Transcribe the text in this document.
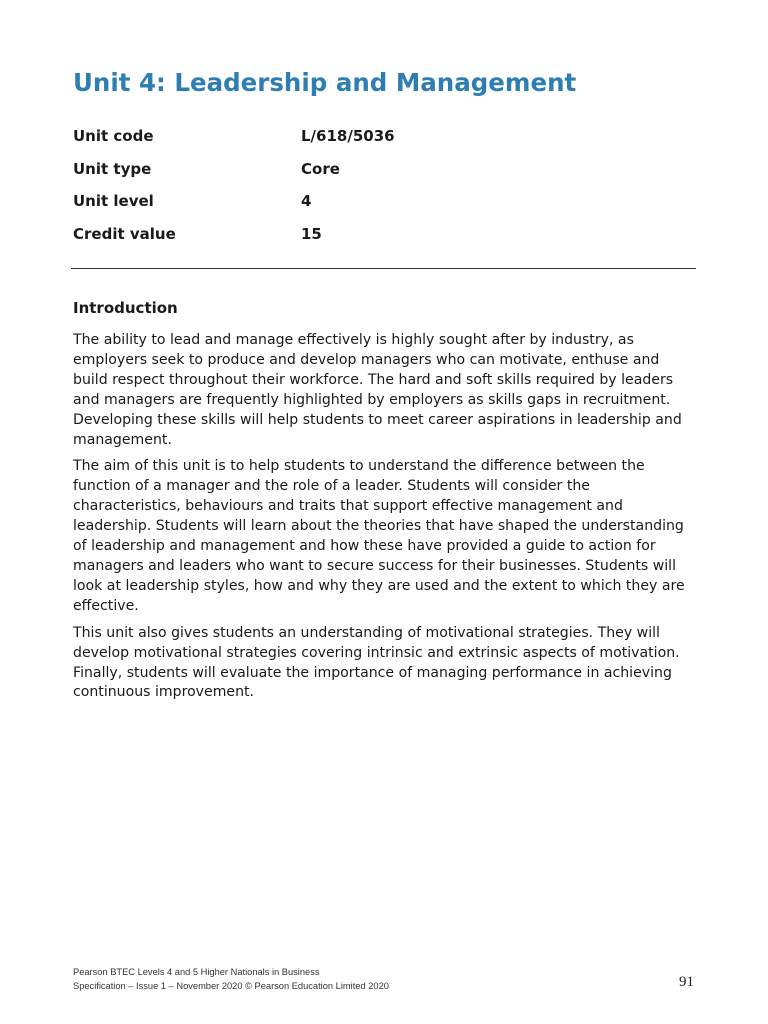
Unit 4: Leadership and Management
Unit code	L/618/5036
Unit type	Core
Unit level	4
Credit value	15
Introduction

The ability to lead and manage effectively is highly sought after by industry, as
employers seek to produce and develop managers who can motivate, enthuse and
build respect throughout their workforce. The hard and soft skills required by leaders
and managers are frequently highlighted by employers as skills gaps in recruitment.
Developing these skills will help students to meet career aspirations in leadership and
management.

The aim of this unit is to help students to understand the difference between the
function of a manager and the role of a leader. Students will consider the
characteristics, behaviours and traits that support effective management and
leadership. Students will learn about the theories that have shaped the understanding
of leadership and management and how these have provided a guide to action for
managers and leaders who want to secure success for their businesses. Students will
look at leadership styles, how and why they are used and the extent to which they are
effective.

This unit also gives students an understanding of motivational strategies. They will
develop motivational strategies covering intrinsic and extrinsic aspects of motivation.
Finally, students will evaluate the importance of managing performance in achieving
continuous improvement.

Pearson BTEC Levels 4 and 5 Higher Nationals in Business
Specification – Issue 1 – November 2020 © Pearson Education Limited 2020	91
